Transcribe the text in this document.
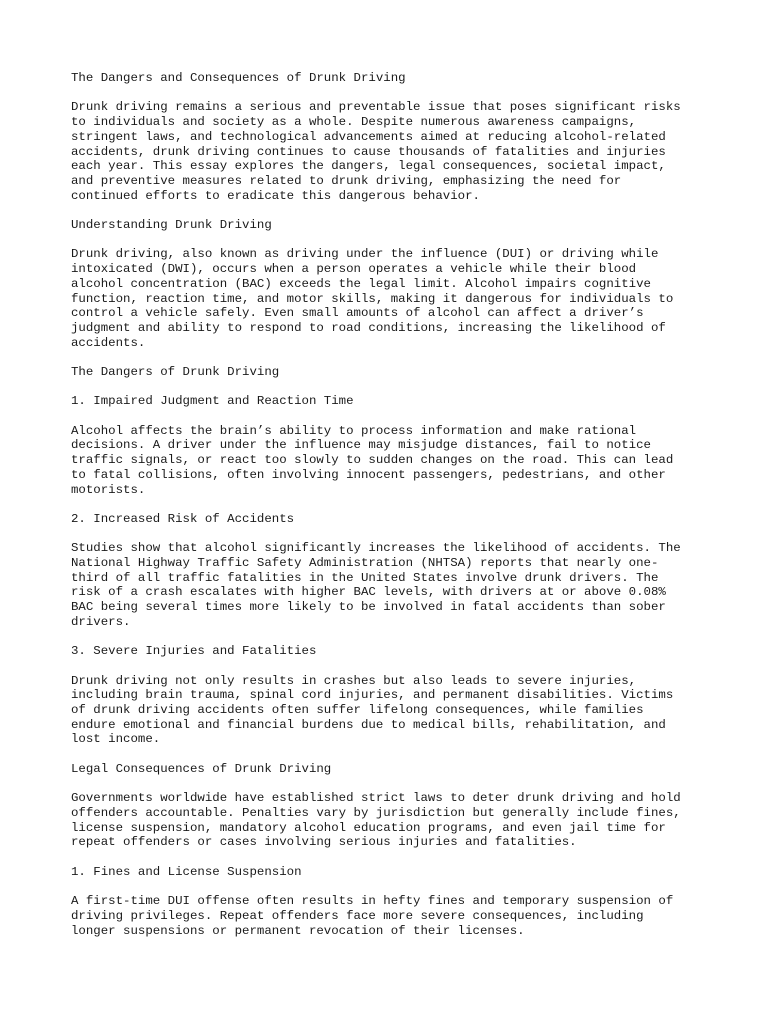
The Dangers and Consequences of Drunk Driving

Drunk driving remains a serious and preventable issue that poses significant risks
to individuals and society as a whole. Despite numerous awareness campaigns,
stringent laws, and technological advancements aimed at reducing alcohol-related
accidents, drunk driving continues to cause thousands of fatalities and injuries
each year. This essay explores the dangers, legal consequences, societal impact,
and preventive measures related to drunk driving, emphasizing the need for
continued efforts to eradicate this dangerous behavior.

Understanding Drunk Driving

Drunk driving, also known as driving under the influence (DUI) or driving while
intoxicated (DWI), occurs when a person operates a vehicle while their blood
alcohol concentration (BAC) exceeds the legal limit. Alcohol impairs cognitive
function, reaction time, and motor skills, making it dangerous for individuals to
control a vehicle safely. Even small amounts of alcohol can affect a driver’s
judgment and ability to respond to road conditions, increasing the likelihood of
accidents.

The Dangers of Drunk Driving

1. Impaired Judgment and Reaction Time

Alcohol affects the brain’s ability to process information and make rational
decisions. A driver under the influence may misjudge distances, fail to notice
traffic signals, or react too slowly to sudden changes on the road. This can lead
to fatal collisions, often involving innocent passengers, pedestrians, and other
motorists.

2. Increased Risk of Accidents

Studies show that alcohol significantly increases the likelihood of accidents. The
National Highway Traffic Safety Administration (NHTSA) reports that nearly one-
third of all traffic fatalities in the United States involve drunk drivers. The
risk of a crash escalates with higher BAC levels, with drivers at or above 0.08%
BAC being several times more likely to be involved in fatal accidents than sober
drivers.

3. Severe Injuries and Fatalities

Drunk driving not only results in crashes but also leads to severe injuries,
including brain trauma, spinal cord injuries, and permanent disabilities. Victims
of drunk driving accidents often suffer lifelong consequences, while families
endure emotional and financial burdens due to medical bills, rehabilitation, and
lost income.

Legal Consequences of Drunk Driving

Governments worldwide have established strict laws to deter drunk driving and hold
offenders accountable. Penalties vary by jurisdiction but generally include fines,
license suspension, mandatory alcohol education programs, and even jail time for
repeat offenders or cases involving serious injuries and fatalities.

1. Fines and License Suspension

A first-time DUI offense often results in hefty fines and temporary suspension of
driving privileges. Repeat offenders face more severe consequences, including
longer suspensions or permanent revocation of their licenses.
